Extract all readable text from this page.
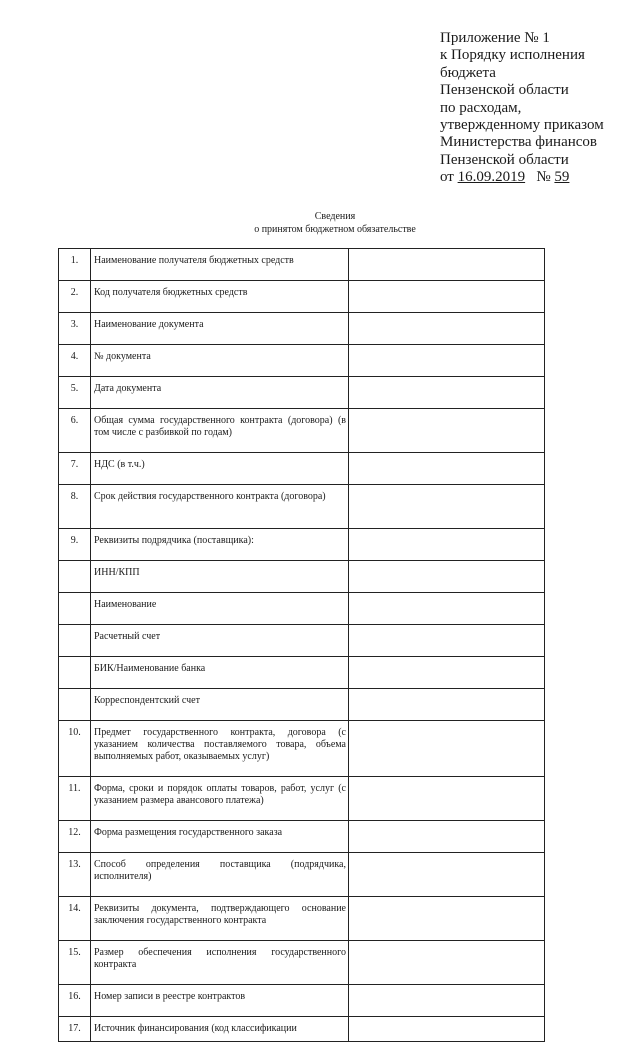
Приложение № 1
к Порядку исполнения
бюджета
Пензенской области
по расходам,
утвержденному приказом
Министерства финансов
Пензенской области
от 16.09.2019 № 59
Сведения
о принятом бюджетном обязательстве
1.	Наименование получателя бюджетных средств	
2.	Код получателя бюджетных средств	
3.	Наименование документа	
4.	№ документа	
5.	Дата документа	
6.	Общая сумма государственного контракта (договора) (в том числе с разбивкой по годам)	
7.	НДС (в т.ч.)	
8.	Срок действия государственного контракта (договора)	
9.	Реквизиты подрядчика (поставщика):	
	ИНН/КПП	
	Наименование	
	Расчетный счет	
	БИК/Наименование банка	
	Корреспондентский счет	
10.	Предмет государственного контракта, договора (с указанием количества поставляемого товара, объема выполняемых работ, оказываемых услуг)	
11.	Форма, сроки и порядок оплаты товаров, работ, услуг (с указанием размера авансового платежа)	
12.	Форма размещения государственного заказа	
13.	Способ определения поставщика (подрядчика, исполнителя)	
14.	Реквизиты документа, подтверждающего основание заключения государственного контракта	
15.	Размер обеспечения исполнения государственного контракта	
16.	Номер записи в реестре контрактов	
17.	Источник финансирования (код классификации	
